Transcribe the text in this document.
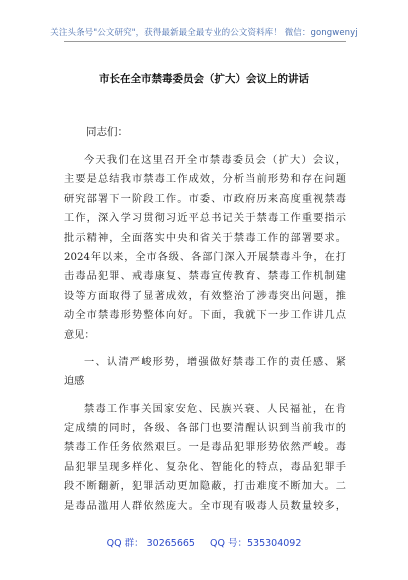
关注头条号"公文研究"，获得最新最全最专业的公文资料库！ 微信：gongwenyj
市长在全市禁毒委员会（扩大）会议上的讲话
同志们：
今天我们在这里召开全市禁毒委员会（扩大）会议，
主要是总结我市禁毒工作成效，分析当前形势和存在问题
研究部署下一阶段工作。市委、市政府历来高度重视禁毒
工作，深入学习贯彻习近平总书记关于禁毒工作重要指示
批示精神，全面落实中央和省关于禁毒工作的部署要求。
2024年以来，全市各级、各部门深入开展禁毒斗争，在打
击毒品犯罪、戒毒康复、禁毒宣传教育、禁毒工作机制建
设等方面取得了显著成效，有效整治了涉毒突出问题，推
动全市禁毒形势整体向好。下面，我就下一步工作讲几点
意见：
一、认清严峻形势，增强做好禁毒工作的责任感、紧
迫感
禁毒工作事关国家安危、民族兴衰、人民福祉，在肯
定成绩的同时，各级、各部门也要清醒认识到当前我市的
禁毒工作任务依然艰巨。一是毒品犯罪形势依然严峻。毒
品犯罪呈现多样化、复杂化、智能化的特点，毒品犯罪手
段不断翻新，犯罪活动更加隐蔽，打击难度不断加大。二
是毒品滥用人群依然庞大。全市现有吸毒人员数量较多，
QQ 群： 30265665 QQ 号：535304092
